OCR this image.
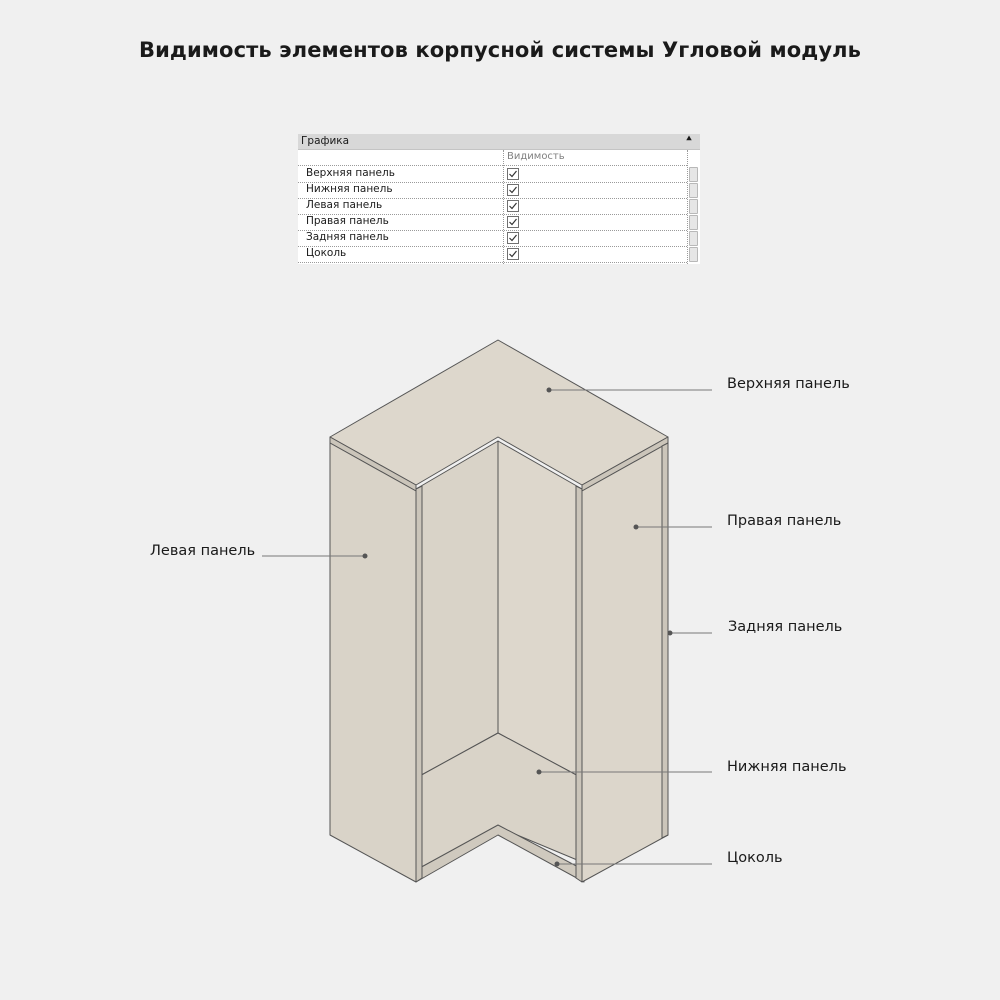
Видимость элементов корпусной системы Угловой модуль
Графика	⯅
Видимость
Верхняя панель
Нижняя панель
Левая панель
Правая панель
Задняя панель
Цоколь
Верхняя панель
Правая панель
Левая панель
Задняя панель
Нижняя панель
Цоколь
